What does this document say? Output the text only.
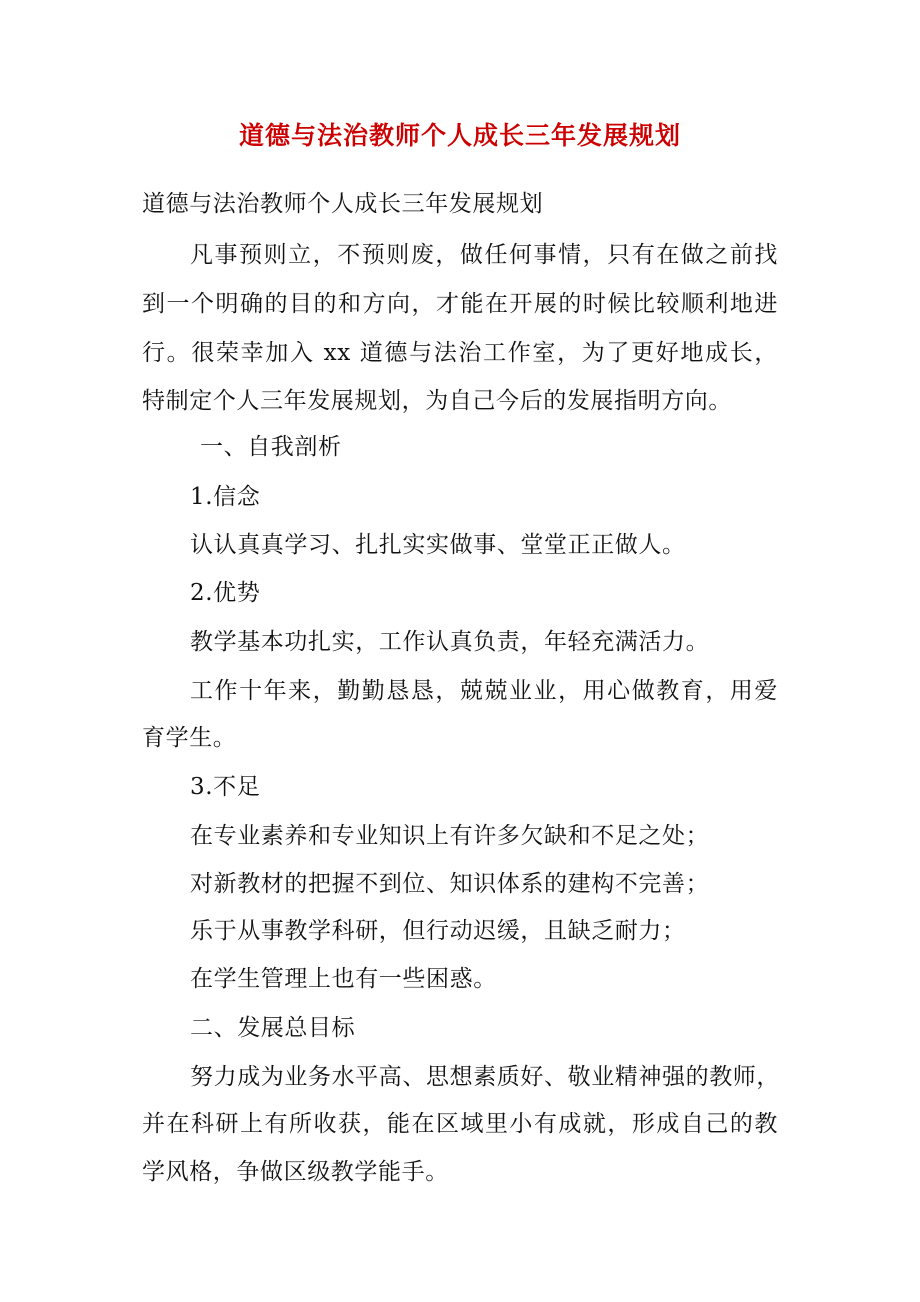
道德与法治教师个人成长三年发展规划
道德与法治教师个人成长三年发展规划
凡事预则立，不预则废，做任何事情，只有在做之前找
到一个明确的目的和方向，才能在开展的时候比较顺利地进
行。很荣幸加入 xx 道德与法治工作室，为了更好地成长，
特制定个人三年发展规划，为自己今后的发展指明方向。
一、自我剖析
1.信念
认认真真学习、扎扎实实做事、堂堂正正做人。
2.优势
教学基本功扎实，工作认真负责，年轻充满活力。
工作十年来，勤勤恳恳，兢兢业业，用心做教育，用爱
育学生。
3.不足
在专业素养和专业知识上有许多欠缺和不足之处；
对新教材的把握不到位、知识体系的建构不完善；
乐于从事教学科研，但行动迟缓，且缺乏耐力；
在学生管理上也有一些困惑。
二、发展总目标
努力成为业务水平高、思想素质好、敬业精神强的教师，
并在科研上有所收获，能在区域里小有成就，形成自己的教
学风格，争做区级教学能手。
